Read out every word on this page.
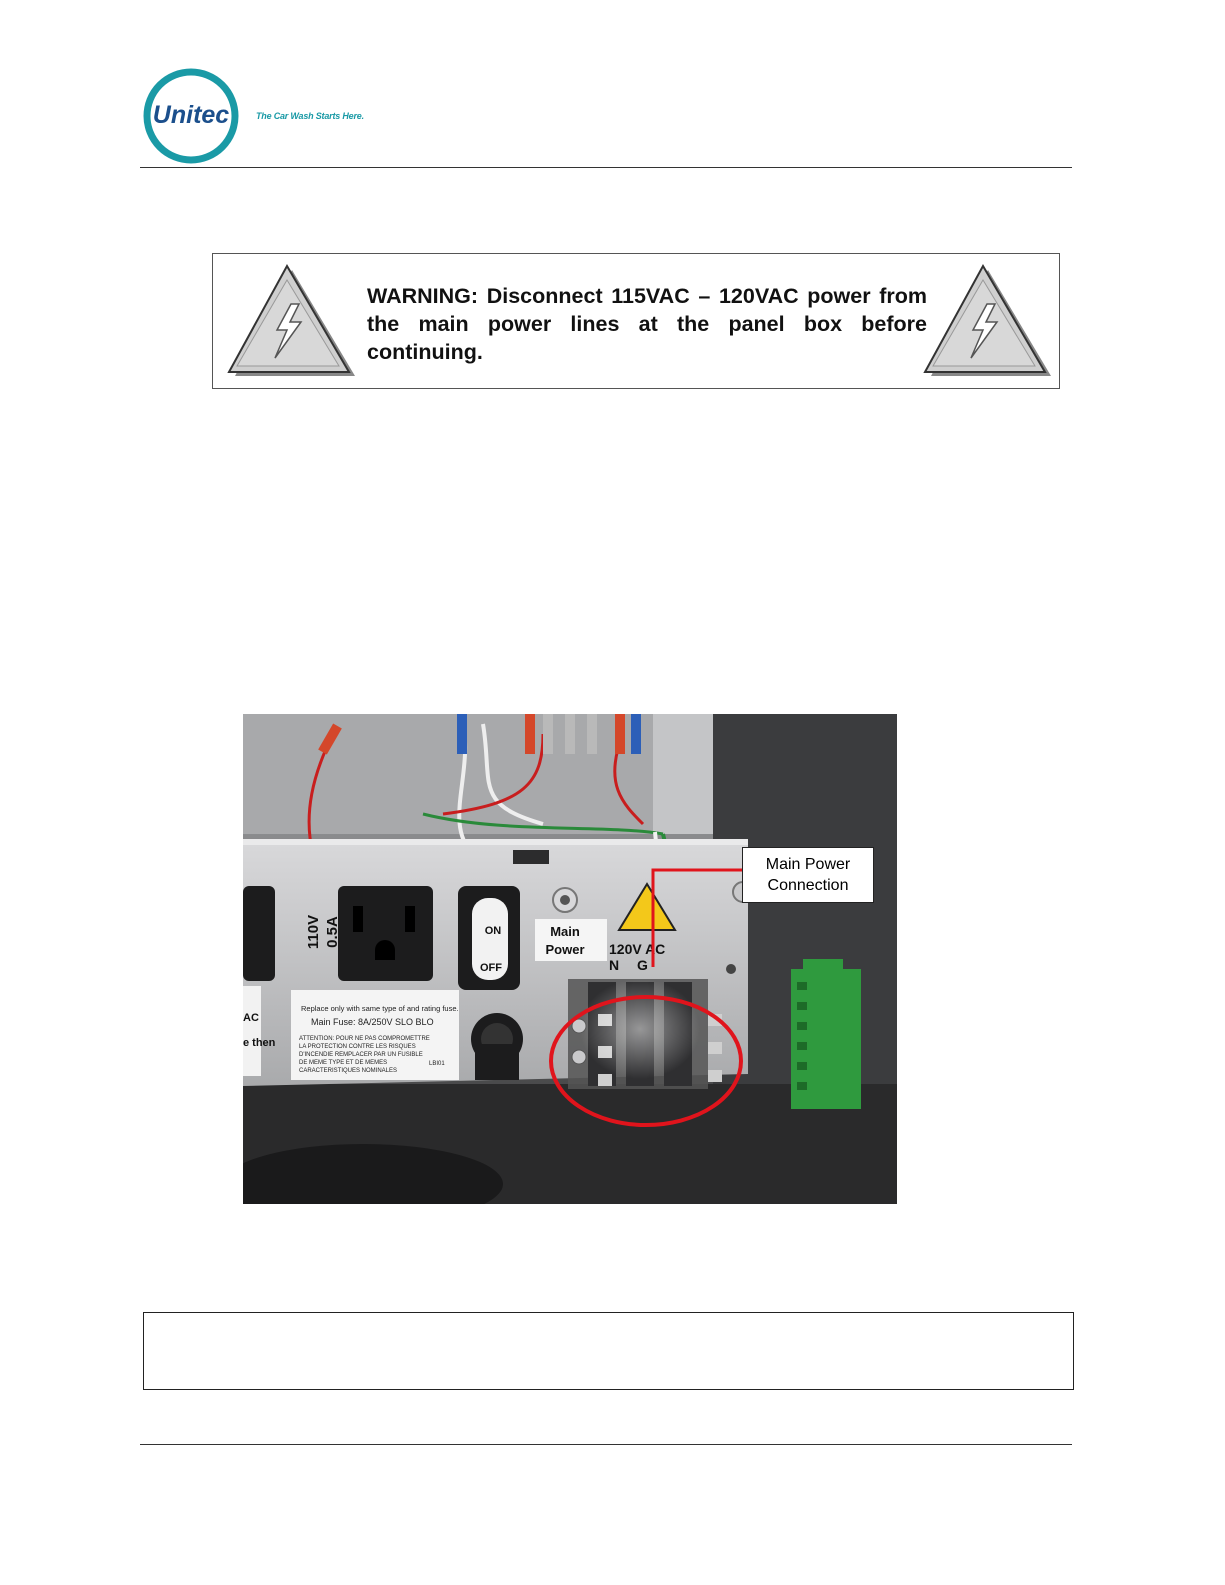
Unitec	The Car Wash Starts Here.
WARNING: Disconnect 115VAC – 120VAC power from the main power lines at the panel box before continuing.
110V 0.5A	ON
OFF
Main
Power 120V AC
N G
AC
e then
Replace only with same type of and rating fuse.
Main Fuse: 8A/250V SLO BLO
ATTENTION: POUR NE PAS COMPROMETTRE
LA PROTECTION CONTRE LES RISQUES
D'INCENDIE REMPLACER PAR UN FUSIBLE
DE MEME TYPE ET DE MEMES
CARACTERISTIQUES NOMINALES
LBI01
Main Power
Connection
